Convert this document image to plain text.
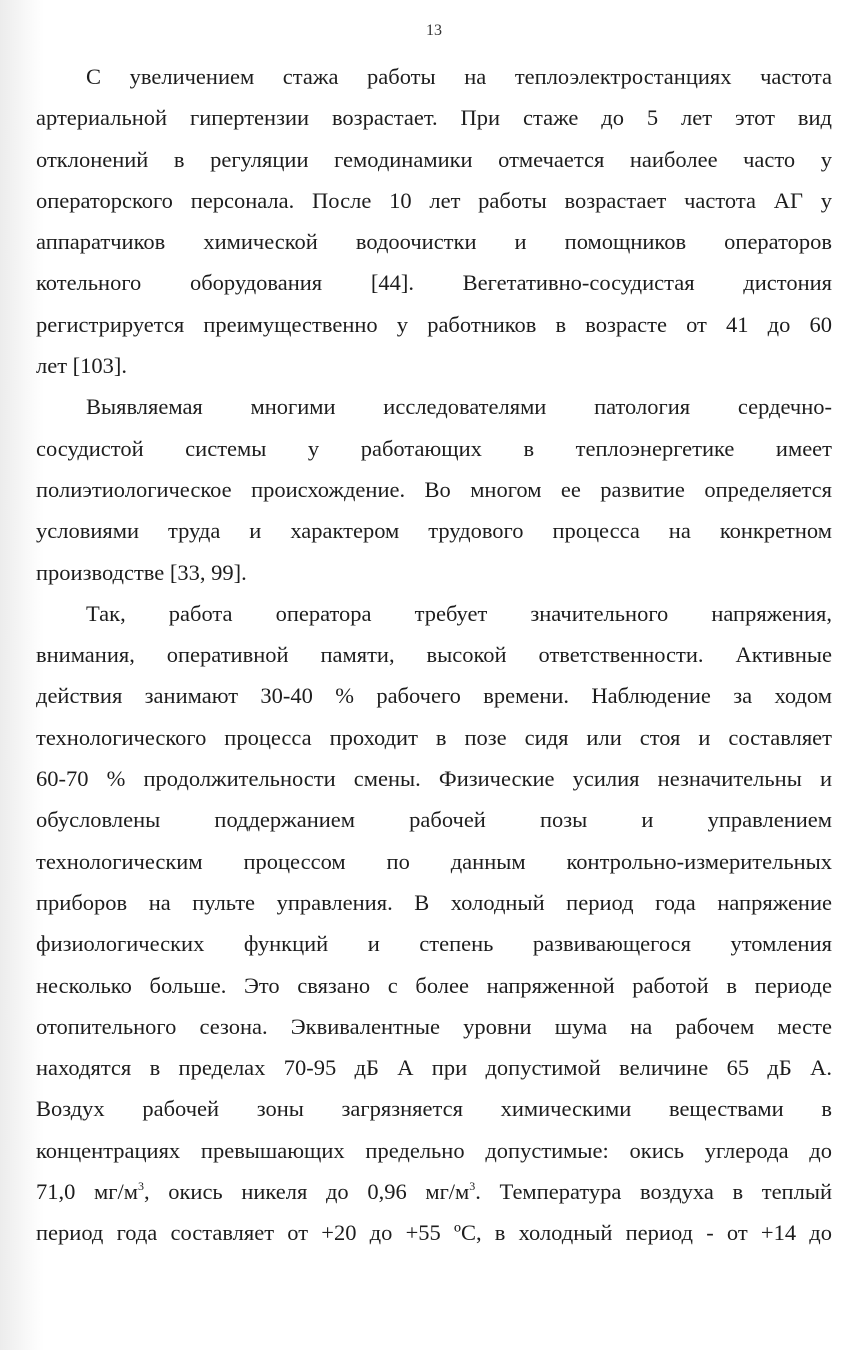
13
С увеличением стажа работы на теплоэлектростанциях частота
артериальной гипертензии возрастает. При стаже до 5 лет этот вид
отклонений в регуляции гемодинамики отмечается наиболее часто у
операторского персонала. После 10 лет работы возрастает частота АГ у
аппаратчиков химической водоочистки и помощников операторов
котельного оборудования [44]. Вегетативно-сосудистая дистония
регистрируется преимущественно у работников в возрасте от 41 до 60
лет [103].
Выявляемая многими исследователями патология сердечно-
сосудистой системы у работающих в теплоэнергетике имеет
полиэтиологическое происхождение. Во многом ее развитие определяется
условиями труда и характером трудового процесса на конкретном
производстве [33, 99].
Так, работа оператора требует значительного напряжения,
внимания, оперативной памяти, высокой ответственности. Активные
действия занимают 30-40 % рабочего времени. Наблюдение за ходом
технологического процесса проходит в позе сидя или стоя и составляет
60-70 % продолжительности смены. Физические усилия незначительны и
обусловлены поддержанием рабочей позы и управлением
технологическим процессом по данным контрольно-измерительных
приборов на пульте управления. В холодный период года напряжение
физиологических функций и степень развивающегося утомления
несколько больше. Это связано с более напряженной работой в периоде
отопительного сезона. Эквивалентные уровни шума на рабочем месте
находятся в пределах 70-95 дБ А при допустимой величине 65 дБ А.
Воздух рабочей зоны загрязняется химическими веществами в
концентрациях превышающих предельно допустимые: окись углерода до
71,0 $мг/м^3$, окись никеля до 0,96 $мг/м^3$. Температура воздуха в теплый
период года составляет от +20 до +55 ºС, в холодный период - от +14 до
